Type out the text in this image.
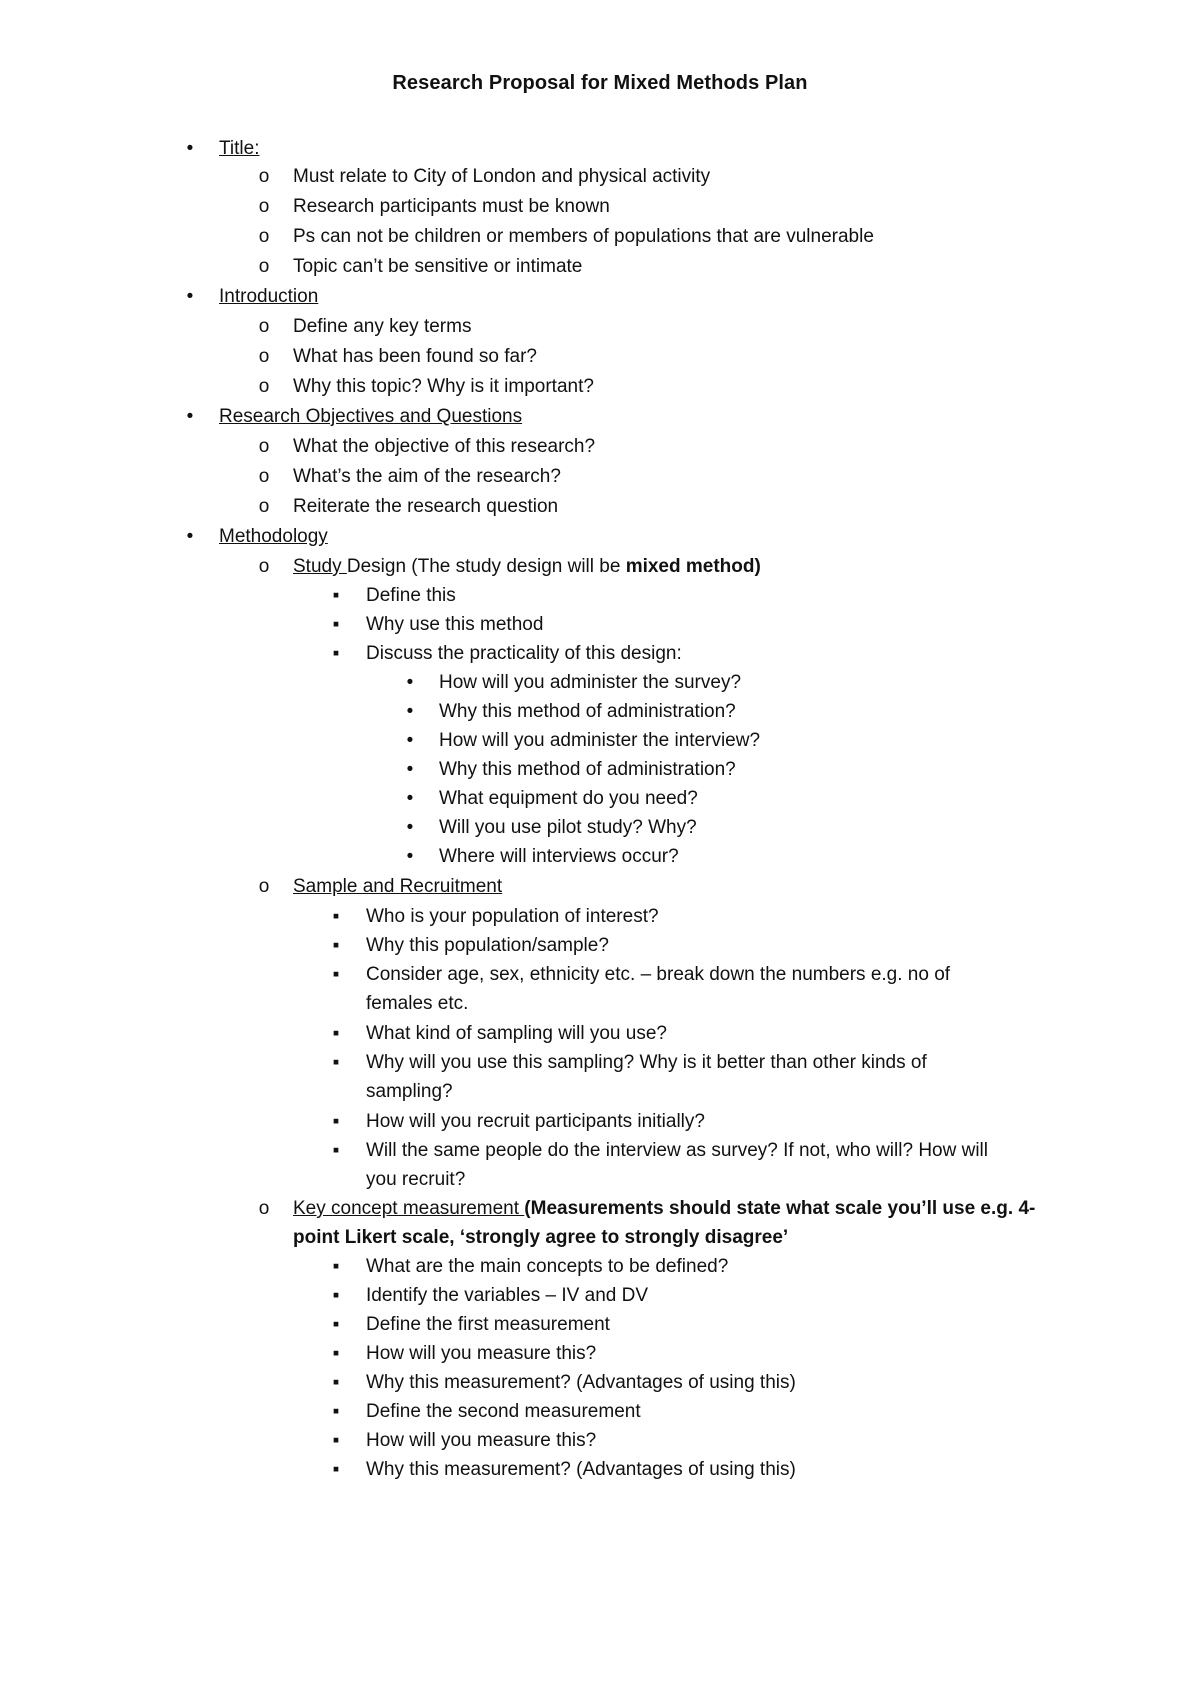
Research Proposal for Mixed Methods Plan
• Title:
o Must relate to City of London and physical activity
o Research participants must be known
o Ps can not be children or members of populations that are vulnerable
o Topic can’t be sensitive or intimate
• Introduction
o Define any key terms
o What has been found so far?
o Why this topic? Why is it important?
• Research Objectives and Questions
o What the objective of this research?
o What’s the aim of the research?
o Reiterate the research question
• Methodology
o Study Design (The study design will be mixed method)
▪ Define this
▪ Why use this method
▪ Discuss the practicality of this design:
• How will you administer the survey?
• Why this method of administration?
• How will you administer the interview?
• Why this method of administration?
• What equipment do you need?
• Will you use pilot study? Why?
• Where will interviews occur?
o Sample and Recruitment
▪ Who is your population of interest?
▪ Why this population/sample?
▪ Consider age, sex, ethnicity etc. – break down the numbers e.g. no of
females etc.
▪ What kind of sampling will you use?
▪ Why will you use this sampling? Why is it better than other kinds of
sampling?
▪ How will you recruit participants initially?
▪ Will the same people do the interview as survey? If not, who will? How will
you recruit?
o Key concept measurement (Measurements should state what scale you’ll use e.g. 4-
point Likert scale, ‘strongly agree to strongly disagree’
▪ What are the main concepts to be defined?
▪ Identify the variables – IV and DV
▪ Define the first measurement
▪ How will you measure this?
▪ Why this measurement? (Advantages of using this)
▪ Define the second measurement
▪ How will you measure this?
▪ Why this measurement? (Advantages of using this)
